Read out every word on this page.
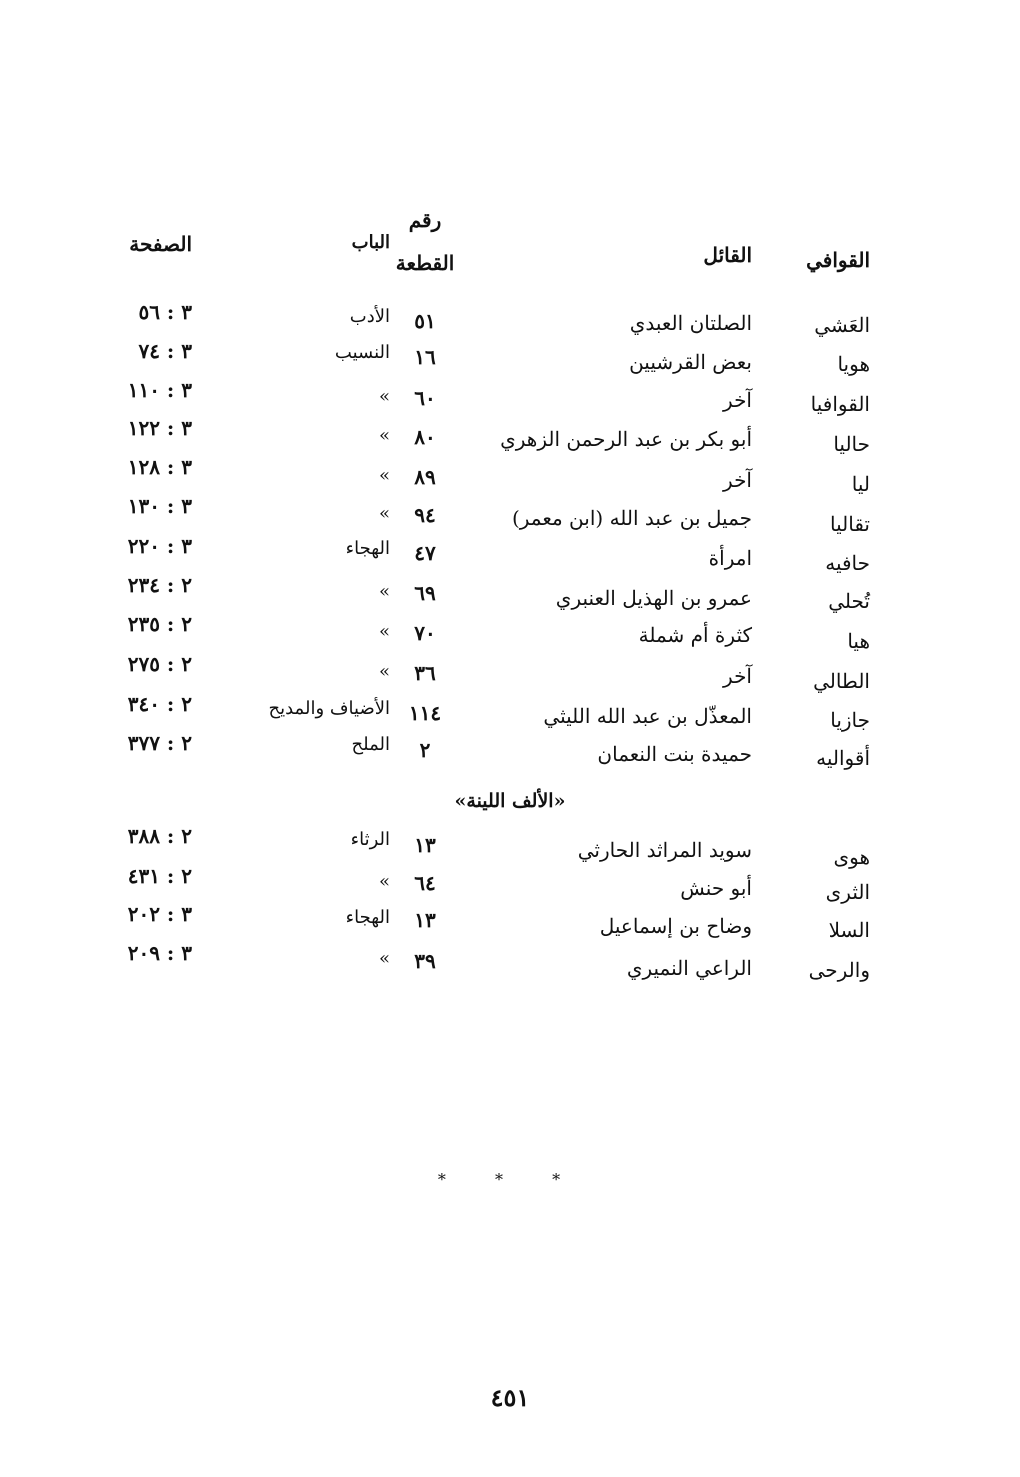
القوافي
القائل
رقم
القطعة
الباب
الصفحة
العَشي
الصلتان العبدي
٥١
الأدب
٣ : ٥٦
هويا
بعض القرشيين
١٦
النسيب
٣ : ٧٤
القوافيا
آخر
٦٠
»
٣ : ١١٠
حاليا
أبو بكر بن عبد الرحمن الزهري
٨٠
»
٣ : ١٢٢
ليا
آخر
٨٩
»
٣ : ١٢٨
تقاليا
جميل بن عبد الله (ابن معمر)
٩٤
»
٣ : ١٣٠
حافيه
امرأة
٤٧
الهجاء
٣ : ٢٢٠
تُحلي
عمرو بن الهذيل العنبري
٦٩
»
٢ : ٢٣٤
هيا
كثرة أم شملة
٧٠
»
٢ : ٢٣٥
الطالي
آخر
٣٦
»
٢ : ٢٧٥
جازيا
المعذّل بن عبد الله الليثي
١١٤
الأضياف والمديح
٢ : ٣٤٠
أقواليه
حميدة بنت النعمان
٢
الملح
٢ : ٣٧٧
«الألف اللينة»
هوى
سويد المراثد الحارثي
١٣
الرثاء
٢ : ٣٨٨
الثرى
أبو حنش
٦٤
»
٢ : ٤٣١
السلا
وضاح بن إسماعيل
١٣
الهجاء
٣ : ٢٠٢
والرحى
الراعي النميري
٣٩
»
٣ : ٢٠٩
* * *
٤٥١
